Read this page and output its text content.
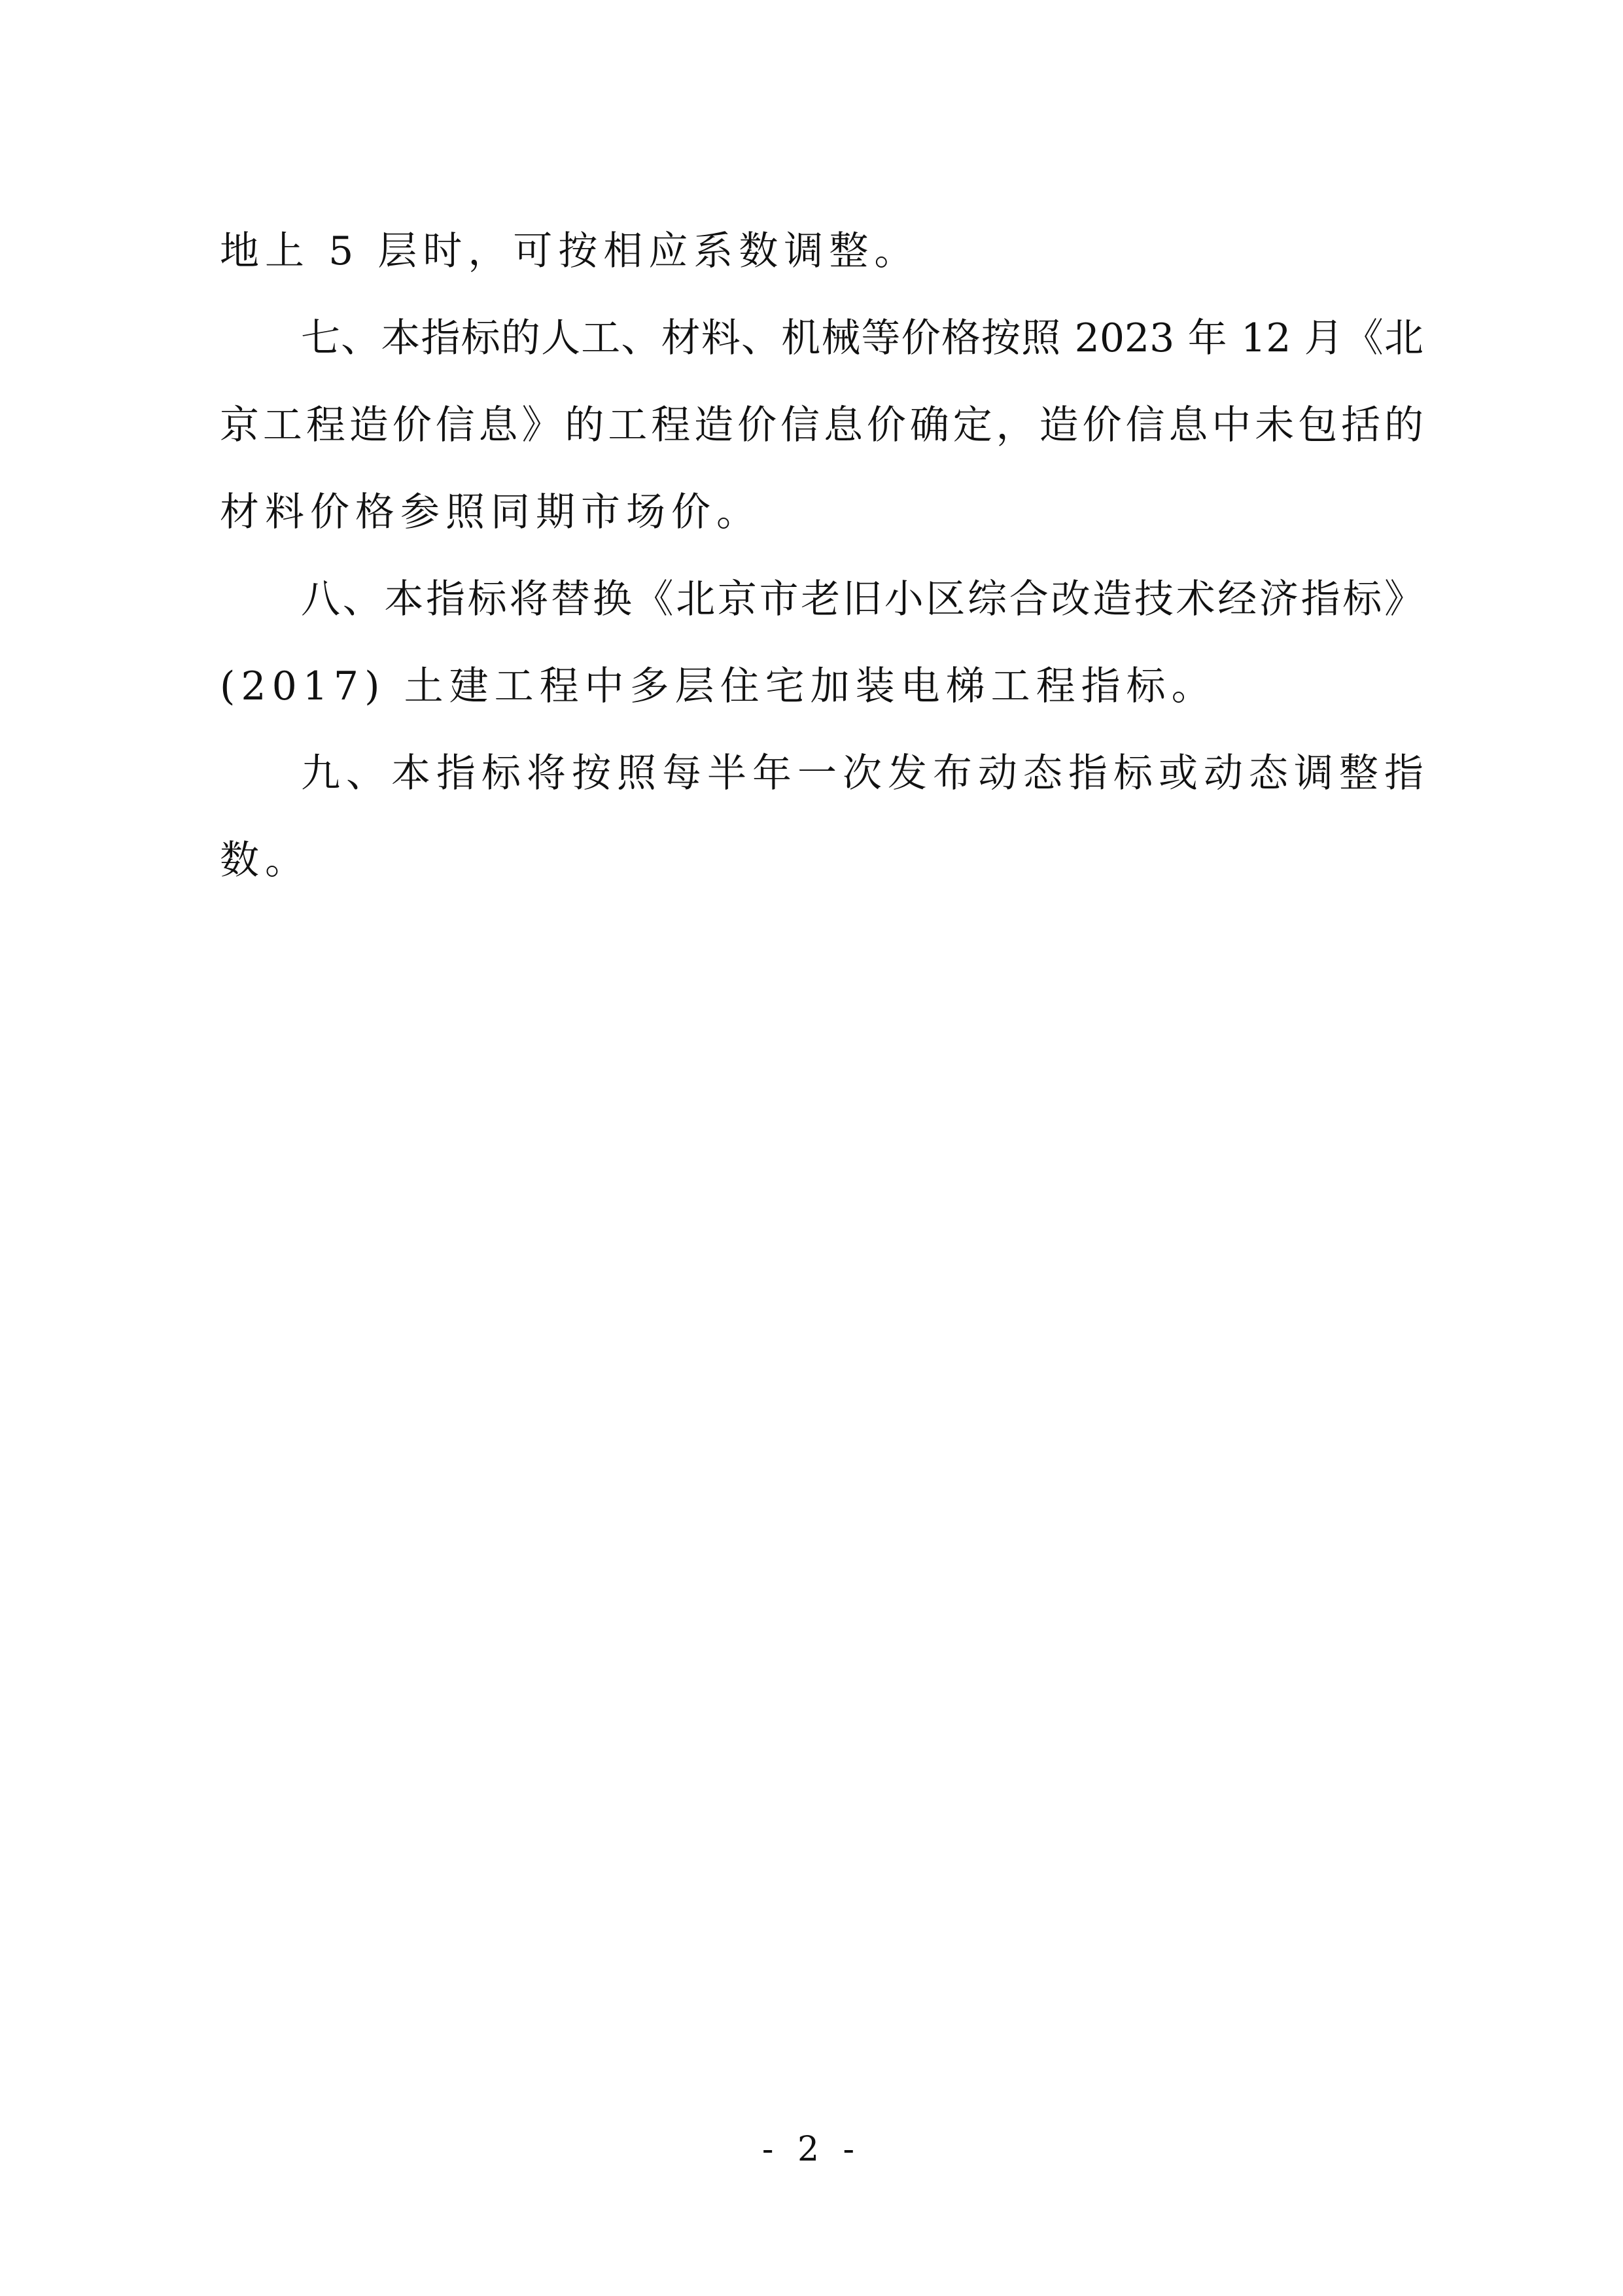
地上 5 层时，可按相应系数调整。
七、本指标的人工、材料、机械等价格按照 2023 年 12 月《北
京工程造价信息》的工程造价信息价确定，造价信息中未包括的
材料价格参照同期市场价。
八、本指标将替换《北京市老旧小区综合改造技术经济指标》
(2017) 土建工程中多层住宅加装电梯工程指标。
九、本指标将按照每半年一次发布动态指标或动态调整指
数。
- 2 -
